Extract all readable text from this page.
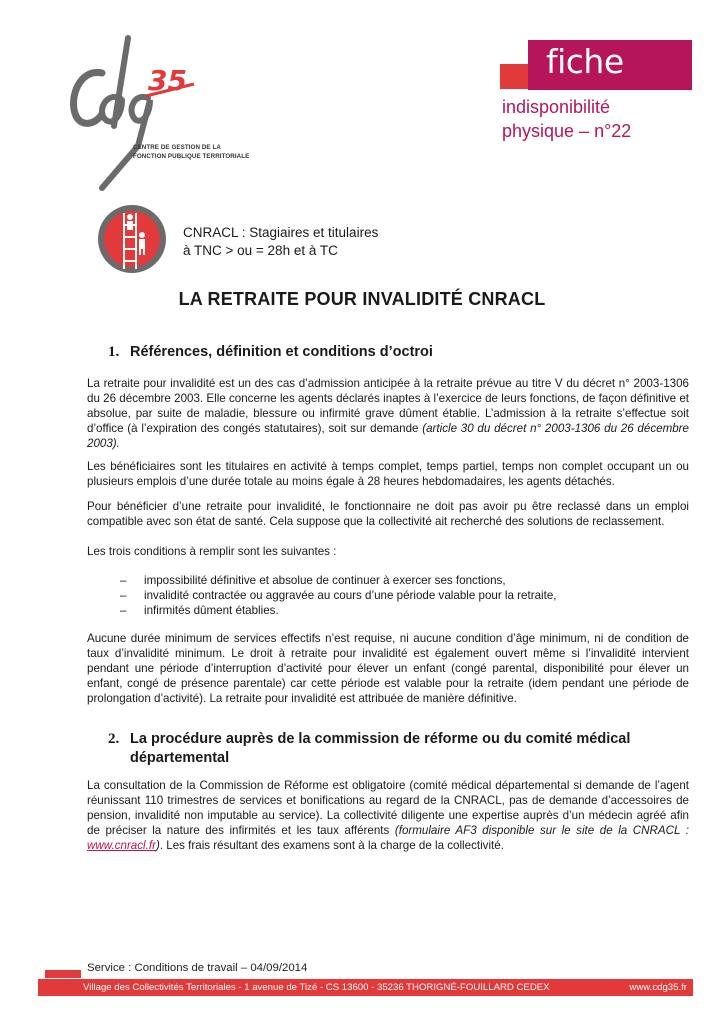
35
CENTRE DE GESTION DE LA
FONCTION PUBLIQUE TERRITORIALE
fiche
indisponibilité
physique – n°22
CNRACL : Stagiaires et titulaires
à TNC > ou = 28h et à TC
LA RETRAITE POUR INVALIDITÉ CNRACL
1. Références, définition et conditions d’octroi

La retraite pour invalidité est un des cas d’admission anticipée à la retraite prévue au titre V du décret n° 2003-1306 du 26 décembre 2003. Elle concerne les agents déclarés inaptes à l’exercice de leurs fonctions, de façon définitive et absolue, par suite de maladie, blessure ou infirmité grave dûment établie. L’admission à la retraite s’effectue soit d’office (à l’expiration des congés statutaires), soit sur demande (article 30 du décret n° 2003-1306 du 26 décembre 2003).

Les bénéficiaires sont les titulaires en activité à temps complet, temps partiel, temps non complet occupant un ou plusieurs emplois d’une durée totale au moins égale à 28 heures hebdomadaires, les agents détachés.

Pour bénéficier d’une retraite pour invalidité, le fonctionnaire ne doit pas avoir pu être reclassé dans un emploi compatible avec son état de santé. Cela suppose que la collectivité ait recherché des solutions de reclassement.

Les trois conditions à remplir sont les suivantes :

– impossibilité définitive et absolue de continuer à exercer ses fonctions,
– invalidité contractée ou aggravée au cours d’une période valable pour la retraite,
– infirmités dûment établies.

Aucune durée minimum de services effectifs n’est requise, ni aucune condition d’âge minimum, ni de condition de taux d’invalidité minimum. Le droit à retraite pour invalidité est également ouvert même si l’invalidité intervient pendant une période d’interruption d’activité pour élever un enfant (congé parental, disponibilité pour élever un enfant, congé de présence parentale) car cette période est valable pour la retraite (idem pendant une période de prolongation d’activité). La retraite pour invalidité est attribuée de manière définitive.

2. La procédure auprès de la commission de réforme ou du comité médical
départemental

La consultation de la Commission de Réforme est obligatoire (comité médical départemental si demande de l’agent réunissant 110 trimestres de services et bonifications au regard de la CNRACL, pas de demande d’accessoires de pension, invalidité non imputable au service). La collectivité diligente une expertise auprès d’un médecin agréé afin de préciser la nature des infirmités et les taux afférents (formulaire AF3 disponible sur le site de la CNRACL : www.cnracl.fr). Les frais résultant des examens sont à la charge de la collectivité.

Service : Conditions de travail – 04/09/2014
Village des Collectivités Territoriales - 1 avenue de Tizé - CS 13600 - 35236 THORIGNÉ-FOUILLARD CEDEX	www.cdg35.fr
